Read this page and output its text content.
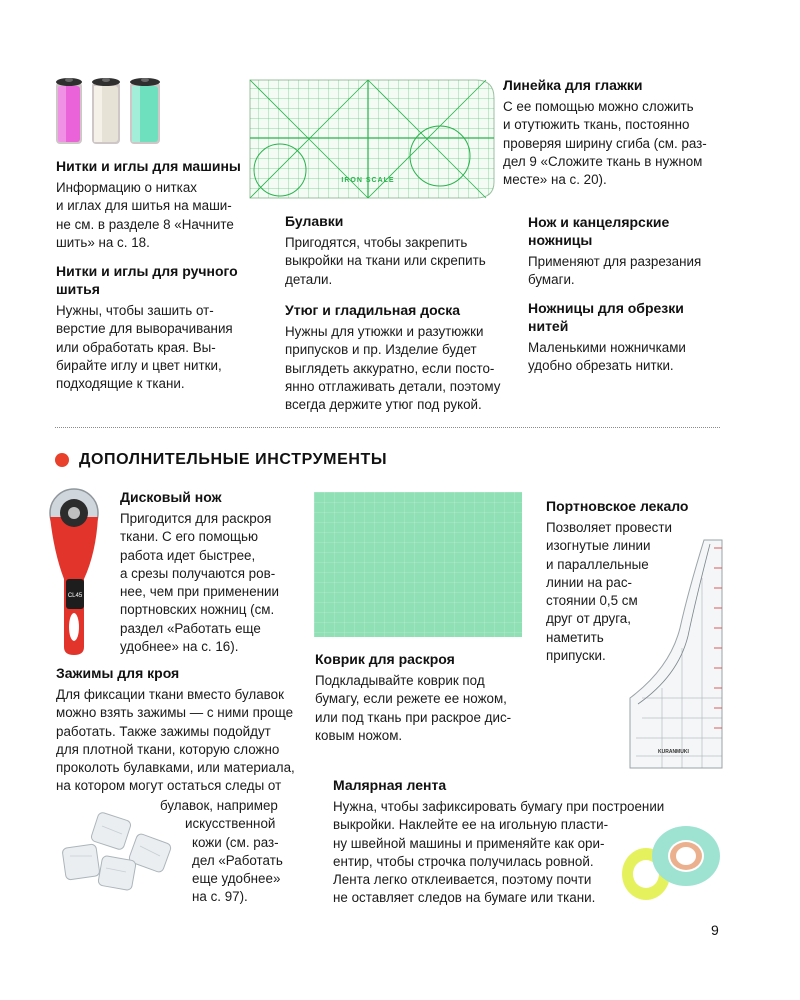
Нитки и иглы для машины
Информацию о нитках
и иглах для шитья на маши-
не см. в разделе 8 «Начните
шить» на с. 18.
Нитки и иглы для ручного
шитья
Нужны, чтобы зашить от-
верстие для выворачивания
или обработать края. Вы-
бирайте иглу и цвет нитки,
подходящие к ткани.
IRON SCALE
Булавки
Пригодятся, чтобы закрепить
выкройки на ткани или скрепить
детали.
Утюг и гладильная доска
Нужны для утюжки и разутюжки
припусков и пр. Изделие будет
выглядеть аккуратно, если посто-
янно отглаживать детали, поэтому
всегда держите утюг под рукой.
Линейка для глажки
С ее помощью можно сложить
и отутюжить ткань, постоянно
проверяя ширину сгиба (см. раз-
дел 9 «Сложите ткань в нужном
месте» на с. 20).
Нож и канцелярские
ножницы
Применяют для разрезания
бумаги.
Ножницы для обрезки
нитей
Маленькими ножничками
удобно обрезать нитки.
ДОПОЛНИТЕЛЬНЫЕ ИНСТРУМЕНТЫ
CL45
Дисковый нож
Пригодится для раскроя
ткани. С его помощью
работа идет быстрее,
а срезы получаются ров-
нее, чем при применении
портновских ножниц (см.
раздел «Работать еще
удобнее» на с. 16).
Коврик для раскроя
Подкладывайте коврик под
бумагу, если режете ее ножом,
или под ткань при раскрое дис-
ковым ножом.
Портновское лекало
Позволяет провести
изогнутые линии
и параллельные
линии на рас-
стоянии 0,5 см
друг от друга,
наметить
припуски.
KURANMUKI
Зажимы для кроя
Для фиксации ткани вместо булавок
можно взять зажимы — с ними проще
работать. Также зажимы подойдут
для плотной ткани, которую сложно
проколоть булавками, или материала,
на котором могут остаться следы от
булавок, например
искусственной
кожи (см. раз-
дел «Работать
еще удобнее»
на с. 97).
Малярная лента
Нужна, чтобы зафиксировать бумагу при построении
выкройки. Наклейте ее на игольную пласти-
ну швейной машины и применяйте как ори-
ентир, чтобы строчка получилась ровной.
Лента легко отклеивается, поэтому почти
не оставляет следов на бумаге или ткани.
9
